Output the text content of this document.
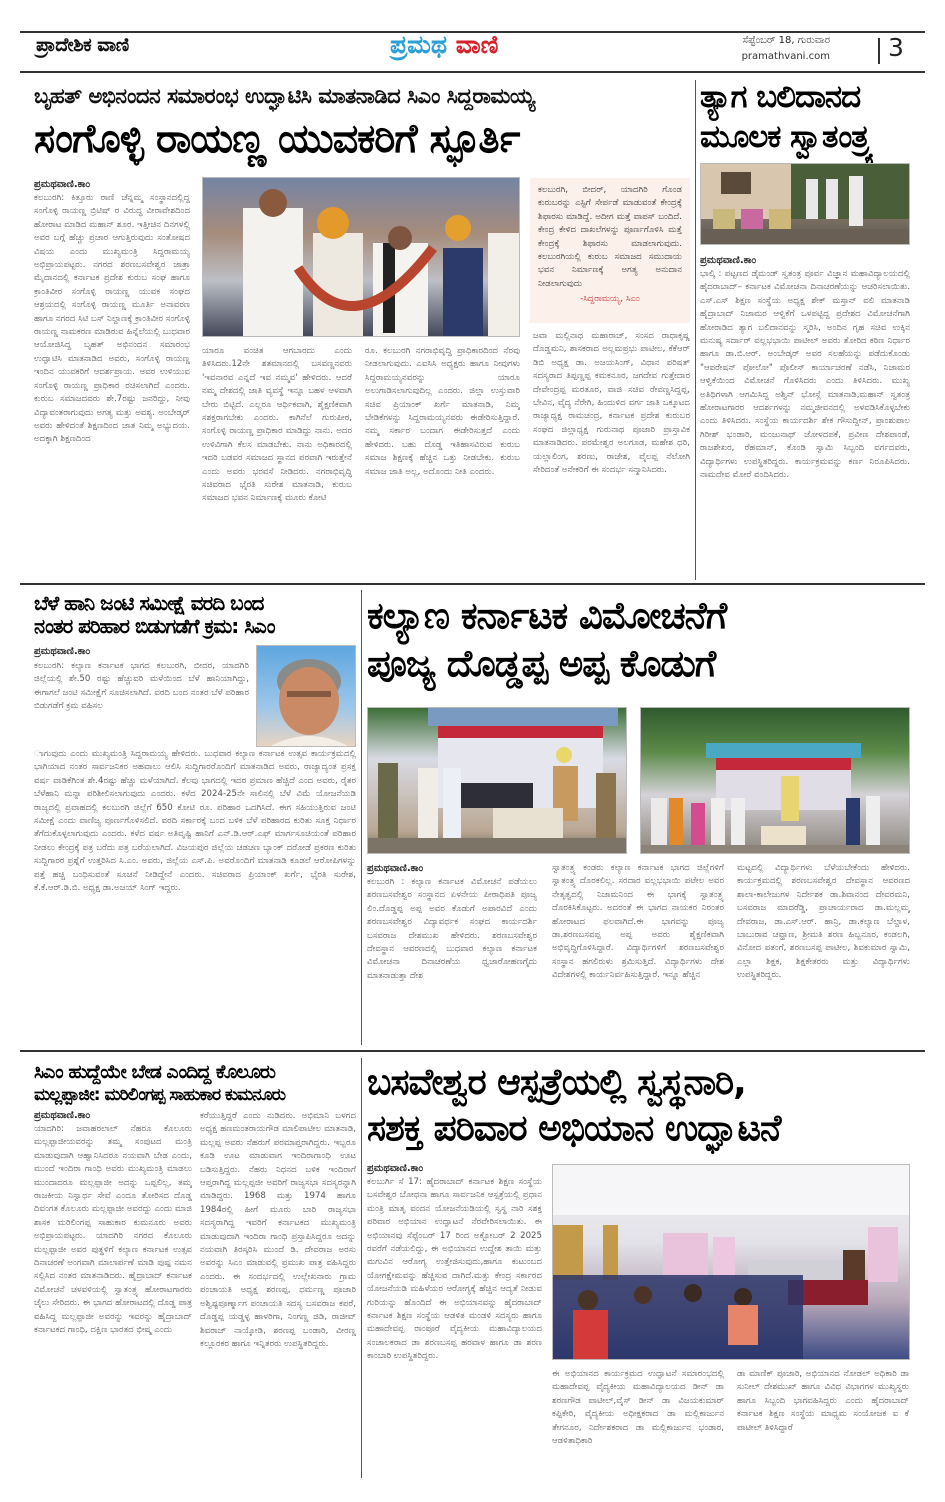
ಪ್ರಾದೇಶಿಕ ವಾಣಿ	ಪ್ರಮಥ ವಾಣಿ	ಸೆಪ್ಟೆಂಬರ್ 18, ಗುರುವಾರ
pramathvani.com 3
ಬೃಹತ್ ಅಭಿನಂದನ ಸಮಾರಂಭ ಉದ್ಘಾಟಿಸಿ ಮಾತನಾಡಿದ ಸಿಎಂ ಸಿದ್ದರಾಮಯ್ಯ
ಸಂಗೊಳ್ಳಿ ರಾಯಣ್ಣ ಯುವಕರಿಗೆ ಸ್ಫೂರ್ತಿ
ಪ್ರಮಥವಾಣಿ.ಕಾಂ
ಕಲಬುರಗಿ: ಕಿತ್ತೂರು ರಾಣಿ ಚೆನ್ನಮ್ಮ ಸಂಸ್ಥಾನದಲ್ಲಿದ್ದ ಸಂಗೊಳ್ಳಿ ರಾಯಣ್ಣ ಬ್ರಿಟಿಷ್ ರ ವಿರುದ್ಧ ವೀರಾವೇಶದಿಂದ ಹೋರಾಟ ಮಾಡಿದ ಮಹಾನ್ ಶೂರ. ಇತ್ತೀಚಿನ ದಿನಗಳಲ್ಲಿ ಅವರ ಬಗ್ಗೆ ಹೆಚ್ಚು ಪ್ರಚಾರ ಆಗುತ್ತಿರುವುದು ಸಂತೋಷದ ವಿಷಯ ಎಂದು ಮುಖ್ಯಮಂತ್ರಿ ಸಿದ್ದರಾಮಯ್ಯ ಅಭಿಪ್ರಾಯಪಟ್ಟರು. ನಗರದ ಶರಣಬಸವೇಶ್ವರ ಜಾತ್ರಾ ಮೈದಾನದಲ್ಲಿ ಕರ್ನಾಟಕ ಪ್ರದೇಶ ಕುರುಬ ಸಂಘ ಹಾಗೂ ಕ್ರಾಂತಿವೀರ ಸಂಗೊಳ್ಳಿ ರಾಯಣ್ಣ ಯುವಕ ಸಂಘದ ಆಶ್ರಯದಲ್ಲಿ ಸಂಗೊಳ್ಳಿ ರಾಯಣ್ಣ ಮೂರ್ತಿ ಅನಾವರಣ ಹಾಗೂ ನಗರದ ಸಿಟಿ ಬಸ್ ನಿಲ್ದಾಣಕ್ಕೆ ಕ್ರಾಂತಿವೀರ ಸಂಗೊಳ್ಳಿ ರಾಯಣ್ಣ ನಾಮಕರಣ ಮಾಡಿರುವ ಹಿನ್ನೆಲೆಯಲ್ಲಿ ಬುಧವಾರ ಆಯೋಜಿಸಿದ್ದ ಬೃಹತ್ ಅಭಿನಂದನ ಸಮಾರಂಭ ಉದ್ಘಾಟಿಸಿ ಮಾತನಾಡಿದ ಅವರು, ಸಂಗೊಳ್ಳಿ ರಾಯಣ್ಣ ಇಂದಿನ ಯುವಕರಿಗೆ ಆದರ್ಶಪ್ರಾಯ. ಅವರ ಉಳಿಯುವ ಸಂಗೊಳ್ಳಿ ರಾಯಣ್ಣ ಪ್ರಾಧಿಕಾರ ರಚಿಸಲಾಗಿದೆ ಎಂದರು. ಕುರುಬ ಸಮಾಜದವರು ಶೇ.7ರಷ್ಟು ಜನರಿದ್ದು, ನೀವು ವಿದ್ಯಾವಂತರಾಗುವುದು ಅಗತ್ಯ ಮತ್ತು ಅವಶ್ಯ. ಅಂಬೇಡ್ಕರ್ ಅವರು ಹೇಳಿದಂತೆ ಶಿಕ್ಷಣದಿಂದ ಜಾತ ನಿಮ್ಮ ಅಭ್ಯುದಯ. ಅದಕ್ಕಾಗಿ ಶಿಕ್ಷಣದಿಂದ
ಕಲಬುರಗಿ, ಬೀದರ್, ಯಾದಗಿರಿ ಗೊಂಡ ಕುರುಬರನ್ನು ಎಸ್ಟಿಗೆ ಸೇರ್ಪಡೆ ಮಾಡುವಂತೆ ಕೇಂದ್ರಕ್ಕೆ ಶಿಫಾರಸು ಮಾಡಿದ್ದೆ. ಅದೀಗ ಮತ್ತೆ ವಾಪಸ್ ಬಂದಿದೆ. ಕೇಂದ್ರ ಕೇಳಿದ ದಾಖಲೆಗಳನ್ನು ಪೂರ್ಣಗೊಳಿಸಿ ಮತ್ತೆ ಕೇಂದ್ರಕ್ಕೆ ಶಿಫಾರಸು ಮಾಡಲಾಗುವುದು. ಕಲಬುರಗಿಯಲ್ಲಿ ಕುರುಬ ಸಮಾಜದ ಸಮುದಾಯ ಭವನ ನಿರ್ಮಾಣಕ್ಕೆ ಅಗತ್ಯ ಅನುದಾನ ನೀಡಲಾಗುವುದು
-ಸಿದ್ದರಾಮಯ್ಯ, ಸಿಎಂ
ಯಾರೂ ವಂಚಿತ ಆಗಬಾರದು ಎಂದು ತಿಳಿಸಿದರು.12ನೇ ಶತಮಾನದಲ್ಲಿ ಬಸವಣ್ಣನವರು 'ಇವನಾರವ ಎನ್ನದೆ ಇವ ನಮ್ಮವ' ಹೇಳಿದರು. ಆದರೆ ನಮ್ಮ ದೇಶದಲ್ಲಿ ಜಾತಿ ವ್ಯವಸ್ಥೆ ಇನ್ನೂ ಬಹಳ ಆಳವಾಗಿ ಬೇರು ಬಿಟ್ಟಿದೆ. ಎಲ್ಲರೂ ಆರ್ಥಿಕವಾಗಿ, ಶೈಕ್ಷಣಿಕವಾಗಿ ಸಶಕ್ತರಾಗಬೇಕು ಎಂದರು. ಕಾಗಿನೆಲೆ ಗುರುಪೀಠ, ಸಂಗೊಳ್ಳಿ ರಾಯಣ್ಣ ಪ್ರಾಧಿಕಾರ ಮಾಡಿದ್ದು ನಾನು. ಅದರ ಉಳಿವಿಗಾಗಿ ಕೆಲಸ ಮಾಡಬೇಕು. ನಾನು ಅಧಿಕಾರದಲ್ಲಿ ಇದರಿ ಬಡವರ ಸಮಾಜದ ಸ್ಥಾನದ ಪರವಾಗಿ ಇರುತ್ತೇನೆ ಎಂದು ಅವರು ಭರವಸೆ ನೀಡಿದರು. ನಗರಾಭಿವೃದ್ಧಿ ಸಚಿವರಾದ ಭೈರತಿ ಸುರೇಶ ಮಾತನಾಡಿ, ಕುರುಬ ಸಮಾಜದ ಭವನ ನಿರ್ಮಾಣಕ್ಕೆ ಮೂರು ಕೋಟಿ
ರೂ. ಕಲಬುರಗಿ ನಗರಾಭಿವೃದ್ಧಿ ಪ್ರಾಧಿಕಾರದಿಂದ ನೆರವು ನೀಡಲಾಗುವುದು. ಎಐಸಿಸಿ ಅಧ್ಯಕ್ಷರು ಹಾಗೂ ನೀವುಗಳು ಸಿದ್ದರಾಮಯ್ಯನವರನ್ನು ಯಾರೂ ಅಲುಗಾಡಿಸಲಾಗುವುದಿಲ್ಲ ಎಂದರು. ಜಿಲ್ಲಾ ಉಸ್ತುವಾರಿ ಸಚಿವ ಪ್ರಿಯಾಂಕ್ ಖರ್ಗೆ ಮಾತನಾಡಿ, ನಿಮ್ಮ ಬೇಡಿಕೆಗಳನ್ನು ಸಿದ್ದರಾಮಯ್ಯನವರು ಈಡೇರಿಸುತ್ತಿದ್ದಾರೆ. ನಮ್ಮ ಸರ್ಕಾರ ಬಂದಾಗ ಈಡೇರಿಸುತ್ತದೆ ಎಂದು ಹೇಳಿದರು. ಬಹು ದೊಡ್ಡ ಇತಿಹಾಸವಿರುವ ಕುರುಬ ಸಮಾಜ ಶಿಕ್ಷಣಕ್ಕೆ ಹೆಚ್ಚಿನ ಒತ್ತು ನೀಡಬೇಕು. ಕುರುಬ ಸಮಾಜ ಜಾತಿ ಅಲ್ಲ, ಅದೊಂದು ನೀತಿ ಎಂದರು.
ಜವಾ ಮಲ್ಲಿನಾಥ ಮಹಾರಾಜ್, ಸಂಸದ ರಾಧಾಕೃಷ್ಣ ದೊಡ್ಡಮನಿ, ಶಾಸಕರಾದ ಅಲ್ಲಮಪ್ರಭು ಪಾಟೀಲ, ಕೆಕೆಆರ್ ಡಿಬಿ ಅಧ್ಯಕ್ಷ ಡಾ. ಅಜಯಸಿಂಗ್, ವಿಧಾನ ಪರಿಷತ್ ಸದಸ್ಯರಾದ ತಿಪ್ಪಣ್ಣಪ್ಪ ಕಮಕನೂರ, ಜಗದೇವ ಗುತ್ತೇದಾರ ದೇವೇಂದ್ರಪ್ಪ ಮರತೂರ, ವಾಜಿ ಸಚಿವ ರೇವಣ್ಣಸಿದ್ದಪ್ಪ, ಬೇವಿನ, ವೈದ್ಯ ನೆರೇಗಿ, ಹಿಂದುಳಿದ ವರ್ಗ ಜಾತಿ ಒಕ್ಕೂಟದ ರಾಜ್ಯಾಧ್ಯಕ್ಷ ರಾಮಚಂದ್ರ, ಕರ್ನಾಟಕ ಪ್ರದೇಶ ಕುರುಬರ ಸಂಘದ ಜಿಲ್ಲಾಧ್ಯಕ್ಷ ಗುರುನಾಥ ಪೂಜಾರಿ ಪ್ರಾಸ್ತಾವಿಕ ಮಾತನಾಡಿದರು. ಪರಮೇಶ್ವರ ಅಲಗೂಡ, ಮಹೇಶ ಧರಿ, ಯಲ್ಲಾಲಿಂಗ, ಶರಣು, ರಾಜೇಶ, ವೈಲಪ್ಪ ನೆಲೋಗಿ ಸೇರಿದಂತೆ ಅನೇಕರಿಗೆ ಈ ಸಂದರ್ಭ ಸನ್ಮಾನಿಸಿದರು.
ತ್ಯಾಗ ಬಲಿದಾನದ
ಮೂಲಕ ಸ್ವಾತಂತ್ರ್ಯ
ಪ್ರಮಥವಾಣಿ.ಕಾಂ
ಭಾಲ್ಕಿ : ಪಟ್ಟಣದ ಡೈಮಂಡ್ ಸ್ವತಂತ್ರ ಪೂರ್ವ ವಿಜ್ಞಾನ ಮಹಾವಿದ್ಯಾಲಯದಲ್ಲಿ ಹೈದರಾಬಾದ್– ಕರ್ನಾಟಕ ವಿಮೋಚನಾ ದಿನಾಚರಣೆಯನ್ನು ಆಚರಿಸಲಾಯಿತು. ಎಸ್.ಎಸ್ ಶಿಕ್ಷಣ ಸಂಸ್ಥೆಯ ಅಧ್ಯಕ್ಷ ಶೇಕ್ ಮಸ್ತಾನ್ ವಲಿ ಮಾತನಾಡಿ ಹೈದ್ರಾಬಾದ್ ನಿಜಾಮರ ಆಳ್ವಿಕೆಗೆ ಒಳಪಟ್ಟಿದ್ದ ಪ್ರದೇಶದ ವಿಮೋಚನೆಗಾಗಿ ಹೋರಾಡಿದ ತ್ಯಾಗ ಬಲಿದಾನವನ್ನು ಸ್ಮರಿಸಿ, ಅಂದಿನ ಗೃಹ ಸಚಿವ ಉಕ್ಕಿನ ಮನುಷ್ಯ ಸರ್ದಾರ್ ವಲ್ಲಭಭಾಯಿ ಪಾಟೀಲ್ ಅವರು ತೋರಿದ ಕಠಿಣ ನಿರ್ಧಾರ ಹಾಗೂ ಡಾ.ಬಿ.ಆರ್. ಅಂಬೇಡ್ಕರ್ ಅವರ ಸಲಹೆಯನ್ನು ಪಡೆದುಕೊಂಡು "ಆಪರೇಷನ್ ಪೋಲೋ" ಪೊಲೀಸ್ ಕಾರ್ಯಾಚರಣೆ ನಡೆಸಿ, ನಿಜಾಮರ ಆಳ್ವಿಕೆಯಿಂದ ವಿಮೋಚನೆ ಗೊಳಿಸಿದರು ಎಂದು ತಿಳಿಸಿದರು. ಮುಖ್ಯ ಅತಿಥಿಗಳಾಗಿ ಆಗಮಿಸಿದ್ದ ಅಶ್ವಿನ್ ಭೋಸ್ಲೆ ಮಾತನಾಡಿ,ಮಹಾನ್ ಸ್ವತಂತ್ರ ಹೋರಾಟಗಾರರ ಆದರ್ಶಗಳನ್ನು ನಮ್ಮಜೀವನದಲ್ಲಿ ಅಳವಡಿಸಿಕೊಳ್ಳಬೇಕು ಎಂದು ತಿಳಿಸಿದರು. ಸಂಸ್ಥೆಯ ಕಾರ್ಯದರ್ಶಿ ಶೇಕ ಗೌಸುದ್ದೀನ್, ಪ್ರಾಂಶುಪಾಲ ಗಿರೀಶ್ ಭಂಡಾರಿ, ಮಂಜುನಾಥ್ ಜೋಳದಪಕೆ, ಪ್ರವೀಣ ದೇಶಪಾಂಡೆ, ರಾಜಶೇಖರ, ರೆಹಮಾನ್, ಕೊಂಡಿ ಸ್ವಾಮಿ ಸಿಬ್ಬಂದಿ ವರ್ಗದವರು, ವಿದ್ಯಾರ್ಥಿಗಳು ಉಪಸ್ಥಿತರಿದ್ದರು. ಕಾರ್ಯಕ್ರಮವನ್ನು ಕರ್ಣ ನಿರೂಪಿಸಿದರು. ನಾಮದೇವ ಮೋರೆ ವಂದಿಸಿದರು.
ಬೆಳೆ ಹಾನಿ ಜಂಟಿ ಸಮೀಕ್ಷೆ ವರದಿ ಬಂದ
ನಂತರ ಪರಿಹಾರ ಬಿಡುಗಡೆಗೆ ಕ್ರಮ: ಸಿಎಂ
ಪ್ರಮಥವಾಣಿ.ಕಾಂ
ಕಲಬುರಗಿ: ಕಲ್ಯಾಣ ಕರ್ನಾಟಕ ಭಾಗದ ಕಲಬುರಗಿ, ಬೀದರ, ಯಾದಗಿರಿ ಜಿಲ್ಲೆಯಲ್ಲಿ ಶೇ.50 ರಷ್ಟು ಹೆಚ್ಚುವರಿ ಮಳೆಯಿಂದ ಬೆಳೆ ಹಾನಿಯಾಗಿದ್ದು, ಈಗಾಗಲೆ ಜಂಟಿ ಸಮೀಕ್ಷೆಗೆ ಸೂಚಿಸಲಾಗಿದೆ. ವರದಿ ಬಂದ ನಂತರ ಬೆಳೆ ಪರಿಹಾರ ಬಿಡುಗಡೆಗೆ ಕ್ರಮ ವಹಿಸಲ
ಾಗುವುದು ಎಂದು ಮುಖ್ಯಮಂತ್ರಿ ಸಿದ್ದರಾಮಯ್ಯ ಹೇಳಿದರು. ಬುಧವಾರ ಕಲ್ಯಾಣ ಕರ್ನಾಟಕ ಉತ್ಸವ ಕಾರ್ಯಕ್ರಮದಲ್ಲಿ ಭಾಗಿಯಾದ ನಂತರ ಸಾರ್ವಜನಿಕರ ಅಹವಾಲು ಆಲಿಸಿ ಸುದ್ದಿಗಾರರೊಂದಿಗೆ ಮಾತನಾಡಿದ ಅವರು, ರಾಜ್ಯಾದ್ಯಂತ ಪ್ರಸಕ್ತ ವರ್ಷ ವಾಡಿಕೆಗಿಂತ ಶೇ.4ರಷ್ಟು ಹೆಚ್ಚು ಮಳೆಯಾಗಿದೆ. ಕೆಲವು ಭಾಗದಲ್ಲಿ ಇದರ ಪ್ರಮಾಣ ಹೆಚ್ಚಿದೆ ಎಂದ ಅವರು, ರೈತರ ಬೆಳೆಹಾನಿ ಮನ್ನಾ ಪರಿಶೀಲಿಸಲಾಗುವುದು ಎಂದರು. ಕಳೆದ 2024-25ನೇ ಸಾಲಿನಲ್ಲಿ ಬೆಳೆ ವಿಮೆ ಯೋಜನೆಯಡಿ ರಾಜ್ಯದಲ್ಲಿ ಪ್ರವಾಹದಲ್ಲಿ ಕಲಬುರಗಿ ಜಿಲ್ಲೆಗೆ 650 ಕೋಟಿ ರೂ. ಪರಿಹಾರ ಒದಗಿಸಿದೆ. ಈಗ ಸಹಿಯುತ್ತಿರುವ ಜಂಟಿ ಸಮೀಕ್ಷೆ ಎಂದು ವಾಣಿಜ್ಯ ಪೂರ್ಣಗೊಳಿಸಲಿದೆ. ವರದಿ ಸರ್ಕಾರಕ್ಕೆ ಬಂದ ಬಳಿಕ ಬೆಳೆ ಪರಿಹಾರದ ಕುರಿತು ಸೂಕ್ತ ನಿರ್ಧಾರ ತೆಗೆದುಕೊಳ್ಳಲಾಗುವುದು ಎಂದರು. ಕಳೆದ ವರ್ಷ ಅತಿವೃಷ್ಟಿ ಹಾನಿಗೆ ಎನ್.ಡಿ.ಆರ್.ಎಫ್ ಮಾರ್ಗಸೂಚಿಯಂತೆ ಪರಿಹಾರ ನೀಡಲು ಕೇಂದ್ರಕ್ಕೆ ಪತ್ರ ಬರೆದು ಪತ್ರ ಬರೆಯಲಾಗಿದೆ. ವಿಜಯಪುರ ಜಿಲ್ಲೆಯ ಚಡಚಣ ಬ್ಯಾಂಕ್ ದರೋಡೆ ಪ್ರಕರಣ ಕುರಿತು ಸುದ್ದಿಗಾರರ ಪ್ರಶ್ನೆಗೆ ಉತ್ತರಿಸಿದ ಸಿ.ಎಂ. ಅವರು, ಜಿಲ್ಲೆಯ ಎಸ್.ಪಿ. ಅವರೊಂದಿಗೆ ಮಾತನಾಡಿ ಕೂಡಲೆ ಆರೋಪಿಗಳನ್ನು ಪತ್ತೆ ಹಚ್ಚಿ ಬಂಧಿಸುವಂತೆ ಸೂಚನೆ ನೀಡಿದ್ದೇನೆ ಎಂದರು. ಸಚಿವರಾದ ಪ್ರಿಯಾಂಕ್ ಖರ್ಗೆ, ಭೈರತಿ ಸುರೇಶ, ಕೆ.ಕೆ.ಆರ್.ಡಿ.ಬಿ. ಅಧ್ಯಕ್ಷ ಡಾ.ಅಜಯ್ ಸಿಂಗ್ ಇದ್ದರು.
ಕಲ್ಯಾಣ ಕರ್ನಾಟಕ ವಿಮೋಚನೆಗೆ
ಪೂಜ್ಯ ದೊಡ್ಡಪ್ಪ ಅಪ್ಪ ಕೊಡುಗೆ
ಪ್ರಮಥವಾಣಿ.ಕಾಂ
ಕಲಬುರಗಿ : ಕಲ್ಯಾಣ ಕರ್ನಾಟಕ ವಿಮೋಚನೆ ಪಡೆಯಲು ಶರಣಬಸವೇಶ್ವರ ಸಂಸ್ಥಾನದ ಏಳನೇಯ ಪೀಠಾಧಿಪತಿ ಪೂಜ್ಯ ಲಿಂ.ದೊಡ್ಡಪ್ಪ ಅಪ್ಪ ಅವರ ಕೊಡುಗೆ ಅಪಾರವಿದೆ ಎಂದು ಶರಣಬಸವೇಶ್ವರ ವಿದ್ಯಾವರ್ಧಕ ಸಂಘದ ಕಾರ್ಯದರ್ಶಿ ಬಸವರಾಜ ದೇಶಮುಖ ಹೇಳಿದರು. ಶರಣಬಸವೇಶ್ವರ ದೇವಸ್ಥಾನ ಆವರಣದಲ್ಲಿ ಬುಧವಾರ ಕಲ್ಯಾಣ ಕರ್ನಾಟಕ ವಿಮೋಚನಾ ದಿನಾಚರಣೆಯ ಧ್ವಜಾರೋಹಣಗೈದು ಮಾತನಾಡುತ್ತಾ ದೇಶ
ಸ್ವಾತಂತ್ರ್ಯ ಕಂಡರು ಕಲ್ಯಾಣ ಕರ್ನಾಟಕ ಭಾಗದ ಜಿಲ್ಲೆಗಳಿಗೆ ಸ್ವಾತಂತ್ರ್ಯ ದೊರಕಲಿಲ್ಲ. ಸರದಾರ ವಲ್ಲಭಭಾಯಿ ಪಟೇಲ ಅವರ ನೇತೃತ್ವದಲ್ಲಿ ನಿಜಾಮನಿಂದ ಈ ಭಾಗಕ್ಕೆ ಸ್ವಾತಂತ್ರ್ಯ ದೊರಕಿಸಿಕೊಟ್ಟರು. ಅದರಂತೆ ಈ ಭಾಗದ ನಾಯಕರ ನಿರಂತರ ಹೋರಾಟದ ಫಲವಾಗಿದೆ.ಈ ಭಾಗವನ್ನು ಪೂಜ್ಯ ಡಾ.ಶರಣಬಸವಪ್ಪ ಅಪ್ಪ ಅವರು ಶೈಕ್ಷಣಿಕವಾಗಿ ಅಭಿವೃದ್ಧಿಗೊಳಿಸಿದ್ದಾರೆ. ವಿದ್ಯಾರ್ಥಿಗಳಿಗೆ ಶರಣಬಸವೇಶ್ವರ ಸಂಸ್ಥಾನ ಹಗಲಿರುಳು ಶ್ರಮಿಸುತ್ತಿದೆ. ವಿದ್ಯಾರ್ಥಿಗಳು ದೇಶ ವಿದೇಶಗಳಲ್ಲಿ ಕಾರ್ಯನಿರ್ವಹಿಸುತ್ತಿದ್ದಾರೆ. ಇನ್ನೂ ಹೆಚ್ಚಿನ
ಮಟ್ಟದಲ್ಲಿ ವಿದ್ಯಾರ್ಥಿಗಳು ಬೆಳೆಯಬೇಕೆಂದು ಹೇಳಿದರು. ಕಾರ್ಯಕ್ರಮದಲ್ಲಿ ಶರಣಬಸವೇಶ್ವರ ದೇವಸ್ಥಾನ ಆವರಣದ ಶಾಲಾ-ಕಾಲೇಜುಗಳ ನಿರ್ದೇಶಕ ಡಾ.ಶಿವಾನಂದ ದೇವರಮನಿ, ಬಸವರಾಜ ಮಾದರೆಡ್ಡಿ, ಪ್ರಾಚಾರ್ಯರಾದ ಡಾ.ಮಲ್ಲಮ್ಮ ದೇವರಾಜ, ಡಾ.ಎಸ್.ಆರ್. ಹಾನ್ರಿ, ಡಾ.ಕಲ್ಯಾಣ ಬೆಲ್ದಾಳ, ಬಾಬುರಾವ ಚವ್ಹಾಣ, ಶ್ರೀಮತಿ ಶರಣ ಹಿಬ್ಬನೂರ, ಕಂಡಲಗಿ, ವಿನೋದ ಪತಂಗೆ, ಶರಣಬಸಪ್ಪ ಪಾಟೀಲ, ಶಿವಕುಮಾರ ಸ್ವಾಮಿ, ಎಲ್ಲಾ ಶಿಕ್ಷಕ, ಶಿಕ್ಷಕೇತರರು ಮತ್ತು ವಿದ್ಯಾರ್ಥಿಗಳು ಉಪಸ್ಥಿತರಿದ್ದರು.
ಸಿಎಂ ಹುದ್ದೆಯೇ ಬೇಡ ಎಂದಿದ್ದ ಕೊಲೂರು
ಮಲ್ಲಪ್ಪಾಜೀ: ಮರಿಲಿಂಗಪ್ಪ ಸಾಹುಕಾರ ಕುಮನೂರು
ಪ್ರಮಥವಾಣಿ.ಕಾಂ
ಯಾದಗಿರಿ: ಜವಾಹರಲಾಲ್ ನೆಹರೂ ಕೊಲೂರು ಮಲ್ಲಪ್ಪಾಜೀಯವರನ್ನು ತಮ್ಮ ಸಂಪುಟದ ಮಂತ್ರಿ ಮಾಡುವುದಾಗಿ ಆಹ್ವಾನಿಸಿದರೂ ನಯವಾಗಿ ಬೇಡ ಎಂದು, ಮುಂದೆ ಇಂದಿರಾ ಗಾಂಧಿ ಅವರು ಮುಖ್ಯಮಂತ್ರಿ ಮಾಡಲು ಮುಂದಾದರೂ ಮಲ್ಲಪ್ಪಾಜೀ ಅದನ್ನು ಒಪ್ಪಲಿಲ್ಲ, ತಮ್ಮ ರಾಜಕೀಯ ನಿಸ್ವಾರ್ಥ ಸೇವೆ ಎಂದೂ ತೋರಿಸದ ದೊಡ್ಡ ದಿವಂಗತ ಕೊಲೂರು ಮಲ್ಲಪ್ಪಾಜೀ ಅವರದ್ದು ಎಂದು ಮಾಜಿ ಶಾಸಕ ಮರಿಲಿಂಗಪ್ಪ ಸಾಹುಕಾರ ಕುಮನೂರು ಅವರು ಅಭಿಪ್ರಾಯಪಟ್ಟರು. ಯಾದಗಿರಿ ನಗರದ ಕೊಲೂರು ಮಲ್ಲಪ್ಪಾಜೀ ಅವರ ಪುತ್ಥಳಿಗೆ ಕಲ್ಯಾಣ ಕರ್ನಾಟಕ ಉತ್ಸವ ದಿನಾಚರಣೆ ಅಂಗವಾಗಿ ಮಾಲಾರ್ಪಣೆ ಮಾಡಿ ಪುಷ್ಪ ನಮನ ಸಲ್ಲಿಸಿದ ನಂತರ ಮಾತನಾಡಿದರು. ಹೈದ್ರಾಬಾದ್ ಕರ್ನಾಟಕ ವಿಮೋಚನೆ ಚಳವಳಿಯಲ್ಲಿ ಸ್ವಾತಂತ್ರ್ಯ ಹೋರಾಟಗಾರರು ಜೈಲು ಸೇರಿದರು. ಈ ಭಾಗದ ಹೋರಾಟದಲ್ಲಿ ದೊಡ್ಡ ಪಾತ್ರ ವಹಿಸಿದ್ದ ಮಲ್ಲಪ್ಪಾಜೀ ಅವರನ್ನು ಇವರನ್ನು ಹೈದ್ರಾಬಾದ್ ಕರ್ನಾಟಕದ ಗಾಂಧಿ, ದಕ್ಷಿಣ ಭಾರತದ ಭೀಷ್ಮ ಎಂದು
ಕರೆಯುತ್ತಿದ್ದರೆ ಎಂದು ನುಡಿದರು. ಅಭಿಮಾನಿ ಬಳಗದ ಅಧ್ಯಕ್ಷ ಹಣಮಂತರಾಯಗೌಡ ಮಾಲಿಪಾಟೀಲ ಮಾತನಾಡಿ, ಮಲ್ಲಪ್ಪ ಅವರು ನೆಹರುಗೆ ಪರಮಾಪ್ತರಾಗಿದ್ದರು. ಇಬ್ಬರೂ ಕೂಡಿ ಊಟ ಮಾಡುವಾಗ ಇಂದಿರಾಗಾಂಧಿ ಊಟ ಬಡಿಸುತ್ತಿದ್ದರು. ನೆಹರು ನಿಧನದ ಬಳಿಕ ಇಂದಿರಾಗೆ ಆಪ್ತರಾಗಿದ್ದ ಮಲ್ಲಪ್ಪಜೀ ಅವರಿಗೆ ರಾಜ್ಯಸಭಾ ಸದಸ್ಯರನ್ನಾಗಿ ಮಾಡಿದ್ದರು. 1968 ಮತ್ತು 1974 ಹಾಗೂ 1984ರಲ್ಲಿ ಹೀಗೆ ಮೂರು ಬಾರಿ ರಾಜ್ಯಸಭಾ ಸದಸ್ಯರಾಗಿದ್ದ ಇವರಿಗೆ ಕರ್ನಾಟಕದ ಮುಖ್ಯಮಂತ್ರಿ ಮಾಡುವುದಾಗಿ ಇಂದಿರಾ ಗಾಂಧಿ ಪ್ರಸ್ತಾಪಿಸಿದ್ದರೂ ಅದನ್ನು ನಯವಾಗಿ ತಿರಸ್ಕರಿಸಿ ಮುಂದೆ ಡಿ. ದೇವರಾಜ ಅರಸು ಅವರನ್ನು ಸಿಎಂ ಮಾಡುವಲ್ಲಿ ಪ್ರಮುಖ ಪಾತ್ರ ವಹಿಸಿದ್ದರು ಎಂದರು. ಈ ಸಂದರ್ಭದಲ್ಲಿ ಉಲ್ಲೇಖನಾರು ಗ್ರಾಮ ಪಂಚಾಯತಿ ಅಧ್ಯಕ್ಷ ಶರಣಪ್ಪ, ಧರ್ಮಣ್ಣ ಪೂಜಾರಿ ಅಶ್ವಿಷ್ಟಪೂರ್ಣ್ಮಾಗ ಪಂಚಾಯತಿ ಸದಸ್ಯ ಬಸವರಾಜ ಕಪರೆ, ದೊಡ್ಡಪ್ಪ ಯಡ್ಡಳ್ಳ ಹಾಳರಿಗಾ, ನಿಂಗಣ್ಣ ಜಿಡಿ, ರಾಜೀವ್ ಶಿವರಾಜ್ ನಾಯ್ಕೋಡಿ, ಶರಣಪ್ಪ ಬಂಡಾರಿ, ವೀರಣ್ಣ ಕಲ್ಲೂರಕರ ಹಾಗೂ ಇನ್ನಿತರರು ಉಪಸ್ಥಿತರಿದ್ದರು.
ಬಸವೇಶ್ವರ ಆಸ್ಪತ್ರೆಯಲ್ಲಿ ಸ್ವಸ್ಥನಾರಿ,
ಸಶಕ್ತ ಪರಿವಾರ ಅಭಿಯಾನ ಉದ್ಘಾಟನೆ
ಪ್ರಮಥವಾಣಿ.ಕಾಂ
ಕಲಬುರ್ಗಿ ಸೆ 17: ಹೈದರಾಬಾದ್ ಕರ್ನಾಟಕ ಶಿಕ್ಷಣ ಸಂಸ್ಥೆಯ ಬಸವೇಶ್ವರ ಬೋಧನಾ ಹಾಗೂ ಸಾರ್ವಜನಿಕ ಆಸ್ಪತ್ರೆಯಲ್ಲಿ ಪ್ರಧಾನ ಮಂತ್ರಿ ಮಾತೃ ವಂದನ ಯೋಜನೆಯಡಿಯಲ್ಲಿ ಸ್ವಸ್ಥ ನಾರಿ ಸಶಕ್ತ ಪರಿವಾರ ಅಭಿಯಾನ ಉದ್ಘಾಟನೆ ನೆರವೇರಿಸಲಾಯಿತು. ಈ ಅಭಿಯಾನವು ಸೆಪ್ಟೆಂಬರ್ 17 ರಿಂದ ಅಕ್ಟೋಬರ್ 2 2025 ರವರೆಗೆ ನಡೆಯಲಿದ್ದು, ಈ ಅಭಿಯಾನದ ಉದ್ದೇಶ ತಾಯಿ ಮತ್ತು ಮಗುವಿನ ಆರೋಗ್ಯ ಉತ್ತೇಜಿಸುವುದು,ಹಾಗೂ ಕುಟುಂಬದ ಯೋಗಕ್ಷೇಮವನ್ನು ಹೆಚ್ಚಿಸುವ ದಾಗಿದೆ.ಮತ್ತು ಕೇಂದ್ರ ಸರ್ಕಾರದ ಯೋಜನೆಯಡಿ ಮಹಿಳೆಯರ ಆರೋಗ್ಯಕ್ಕೆ ಹೆಚ್ಚಿನ ಆದ್ಯತೆ ನೀಡುವ ಗುರಿಯನ್ನು ಹೊಂದಿದೆ ಈ ಅಭಿಯಾನವನ್ನು ಹೈದರಾಬಾದ್ ಕರ್ನಾಟಕ ಶಿಕ್ಷಣ ಸಂಸ್ಥೆಯ ಆಡಳಿತ ಮಂಡಳಿ ಸದಸ್ಯರು ಹಾಗೂ ಮಹಾದೇವಪ್ಪ ರಾಂಪೂರೆ ವೈದ್ಯಕೀಯ ಮಹಾವಿದ್ಯಾಲಯದ ಸಂಚಾಲಕರಾದ ಡಾ ಶರಣಬಸಪ್ಪ ಹರವಾಳ ಹಾಗೂ ಡಾ ಶರಣ ಕಾಂಬಾರಿ ಉಪಸ್ಥಿತರಿದ್ದರು.
ಈ ಅಭಿಯಾನದ ಕಾರ್ಯಕ್ರಮದ ಉದ್ಘಾಟನೆ ಸಮಾರಂಭದಲ್ಲಿ ಮಹಾದೇವಪ್ಪ ವೈದ್ಯಕೀಯ ಮಹಾವಿದ್ಯಾಲಯದ ಡೀನ್ ಡಾ ಶರಣಗೌಡ ಪಾಟೀಲ್,ವೈಸ್ ಡೀನ್ ಡಾ ವಿಜಯಕುಮಾರ್ ಕಪ್ಪಿಕೇರಿ, ವೈದ್ಯಕೀಯ ಅಧೀಕ್ಷಕರಾದ ಡಾ ಮಲ್ಲಿಕಾರ್ಜುನ ತೇಗನೂರ, ನಿರ್ದೇಶಕರಾದ ಡಾ ಮಲ್ಲಿಕಾರ್ಜುನ ಭಂಡಾರ, ಆಡಳಿತಾಧಿಕಾರಿ
ಡಾ ಮಾಣಿಕ್ ಪೂಜಾರಿ, ಅಭಿಯಾನದ ನೋಡಲ್ ಅಧಿಕಾರಿ ಡಾ ಸುನೀಲ್ ದೇಶಮುಖ್ ಹಾಗೂ ವಿವಿಧ ವಿಭಾಗಗಳ ಮುಖ್ಯಸ್ಥರು ಹಾಗೂ ಸಿಬ್ಬಂದಿ ಭಾಗವಹಿಸಿದ್ದರು ಎಂದು ಹೈದರಾಬಾದ್ ಕರ್ನಾಟಕ ಶಿಕ್ಷಣ ಸಂಸ್ಥೆಯ ಮಾಧ್ಯಮ ಸಂಯೋಜಕ ಐ ಕೆ ಪಾಟೀಲ್ ತಿಳಿಸಿದ್ದಾರೆ
